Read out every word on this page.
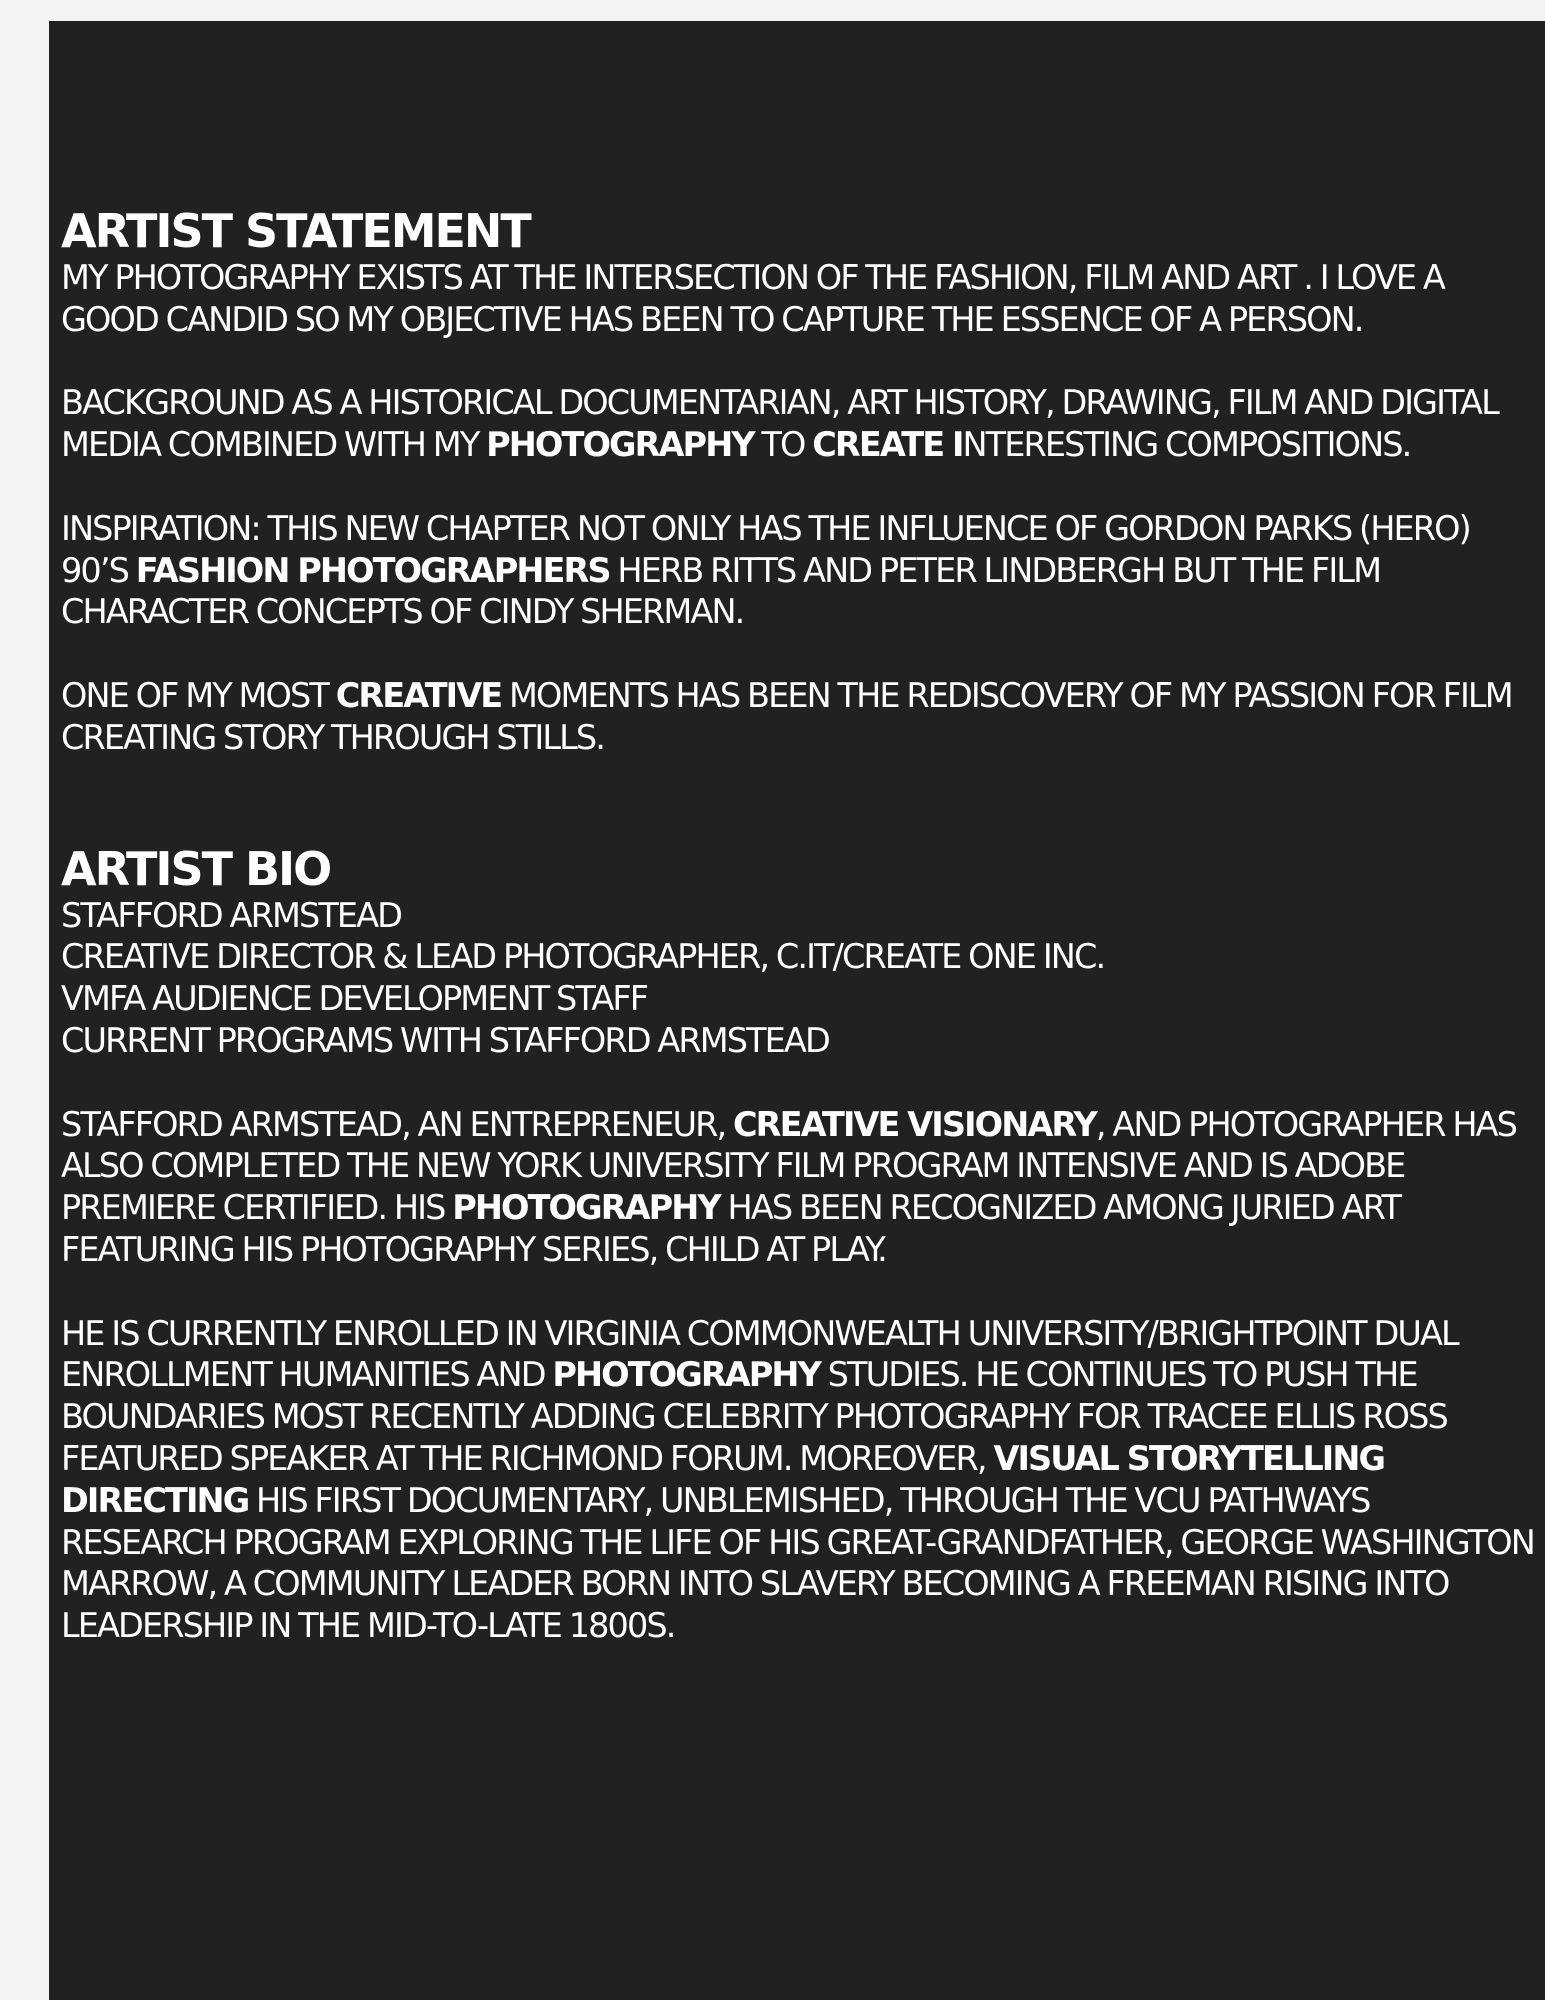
ARTIST STATEMENT

MY PHOTOGRAPHY EXISTS AT THE INTERSECTION OF THE FASHION, FILM AND ART . I LOVE A GOOD CANDID SO MY OBJECTIVE HAS BEEN TO CAPTURE THE ESSENCE OF A PERSON.

BACKGROUND AS A HISTORICAL DOCUMENTARIAN, ART HISTORY, DRAWING, FILM AND DIGITAL MEDIA COMBINED WITH MY PHOTOGRAPHY TO CREATE INTERESTING COMPOSITIONS.

INSPIRATION: THIS NEW CHAPTER NOT ONLY HAS THE INFLUENCE OF GORDON PARKS (HERO) 90’S FASHION PHOTOGRAPHERS HERB RITTS AND PETER LINDBERGH BUT THE FILM CHARACTER CONCEPTS OF CINDY SHERMAN.

ONE OF MY MOST CREATIVE MOMENTS HAS BEEN THE REDISCOVERY OF MY PASSION FOR FILM CREATING STORY THROUGH STILLS.

ARTIST BIO

STAFFORD ARMSTEAD

CREATIVE DIRECTOR & LEAD PHOTOGRAPHER, C.IT/CREATE ONE INC.

VMFA AUDIENCE DEVELOPMENT STAFF

CURRENT PROGRAMS WITH STAFFORD ARMSTEAD

STAFFORD ARMSTEAD, AN ENTREPRENEUR, CREATIVE VISIONARY, AND PHOTOGRAPHER HAS ALSO COMPLETED THE NEW YORK UNIVERSITY FILM PROGRAM INTENSIVE AND IS ADOBE PREMIERE CERTIFIED. HIS PHOTOGRAPHY HAS BEEN RECOGNIZED AMONG JURIED ART FEATURING HIS PHOTOGRAPHY SERIES, CHILD AT PLAY.

HE IS CURRENTLY ENROLLED IN VIRGINIA COMMONWEALTH UNIVERSITY/BRIGHTPOINT DUAL ENROLLMENT HUMANITIES AND PHOTOGRAPHY STUDIES. HE CONTINUES TO PUSH THE BOUNDARIES MOST RECENTLY ADDING CELEBRITY PHOTOGRAPHY FOR TRACEE ELLIS ROSS FEATURED SPEAKER AT THE RICHMOND FORUM. MOREOVER, VISUAL STORYTELLING DIRECTING HIS FIRST DOCUMENTARY, UNBLEMISHED, THROUGH THE VCU PATHWAYS RESEARCH PROGRAM EXPLORING THE LIFE OF HIS GREAT-GRANDFATHER, GEORGE WASHINGTON MARROW, A COMMUNITY LEADER BORN INTO SLAVERY BECOMING A FREEMAN RISING INTO LEADERSHIP IN THE MID-TO-LATE 1800S.
